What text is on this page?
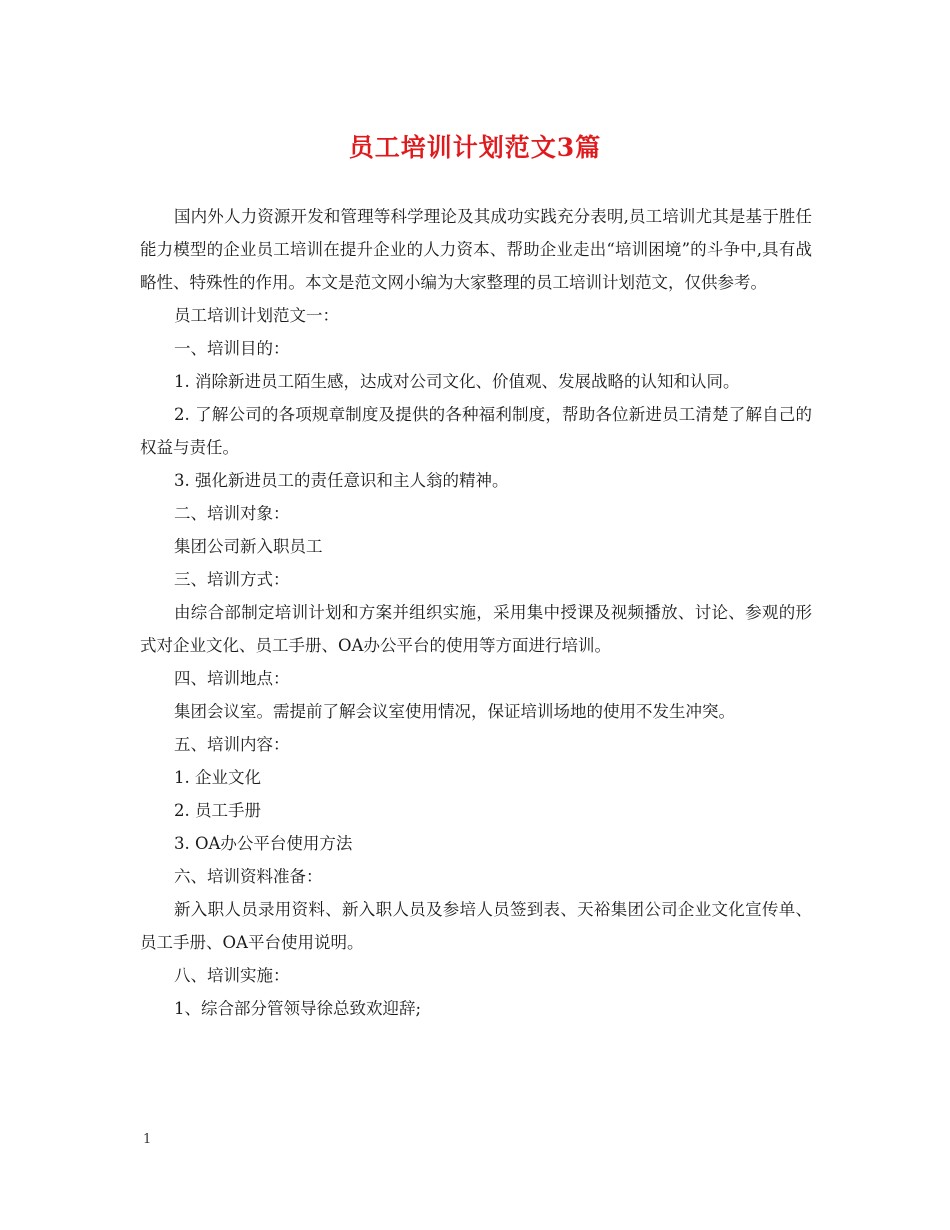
员工培训计划范文3篇

国内外人力资源开发和管理等科学理论及其成功实践充分表明,员工培训尤其是基于胜任能力模型的企业员工培训在提升企业的人力资本、帮助企业走出“培训困境”的斗争中,具有战略性、特殊性的作用。本文是范文网小编为大家整理的员工培训计划范文，仅供参考。

员工培训计划范文一：

一、培训目的：

1. 消除新进员工陌生感，达成对公司文化、价值观、发展战略的认知和认同。

2. 了解公司的各项规章制度及提供的各种福利制度，帮助各位新进员工清楚了解自己的权益与责任。

3. 强化新进员工的责任意识和主人翁的精神。

二、培训对象：

集团公司新入职员工

三、培训方式：

由综合部制定培训计划和方案并组织实施，采用集中授课及视频播放、讨论、参观的形式对企业文化、员工手册、OA办公平台的使用等方面进行培训。

四、培训地点：

集团会议室。需提前了解会议室使用情况，保证培训场地的使用不发生冲突。

五、培训内容：

1. 企业文化

2. 员工手册

3. OA办公平台使用方法

六、培训资料准备：

新入职人员录用资料、新入职人员及参培人员签到表、天裕集团公司企业文化宣传单、员工手册、OA平台使用说明。

八、培训实施：

1、综合部分管领导徐总致欢迎辞;

1
